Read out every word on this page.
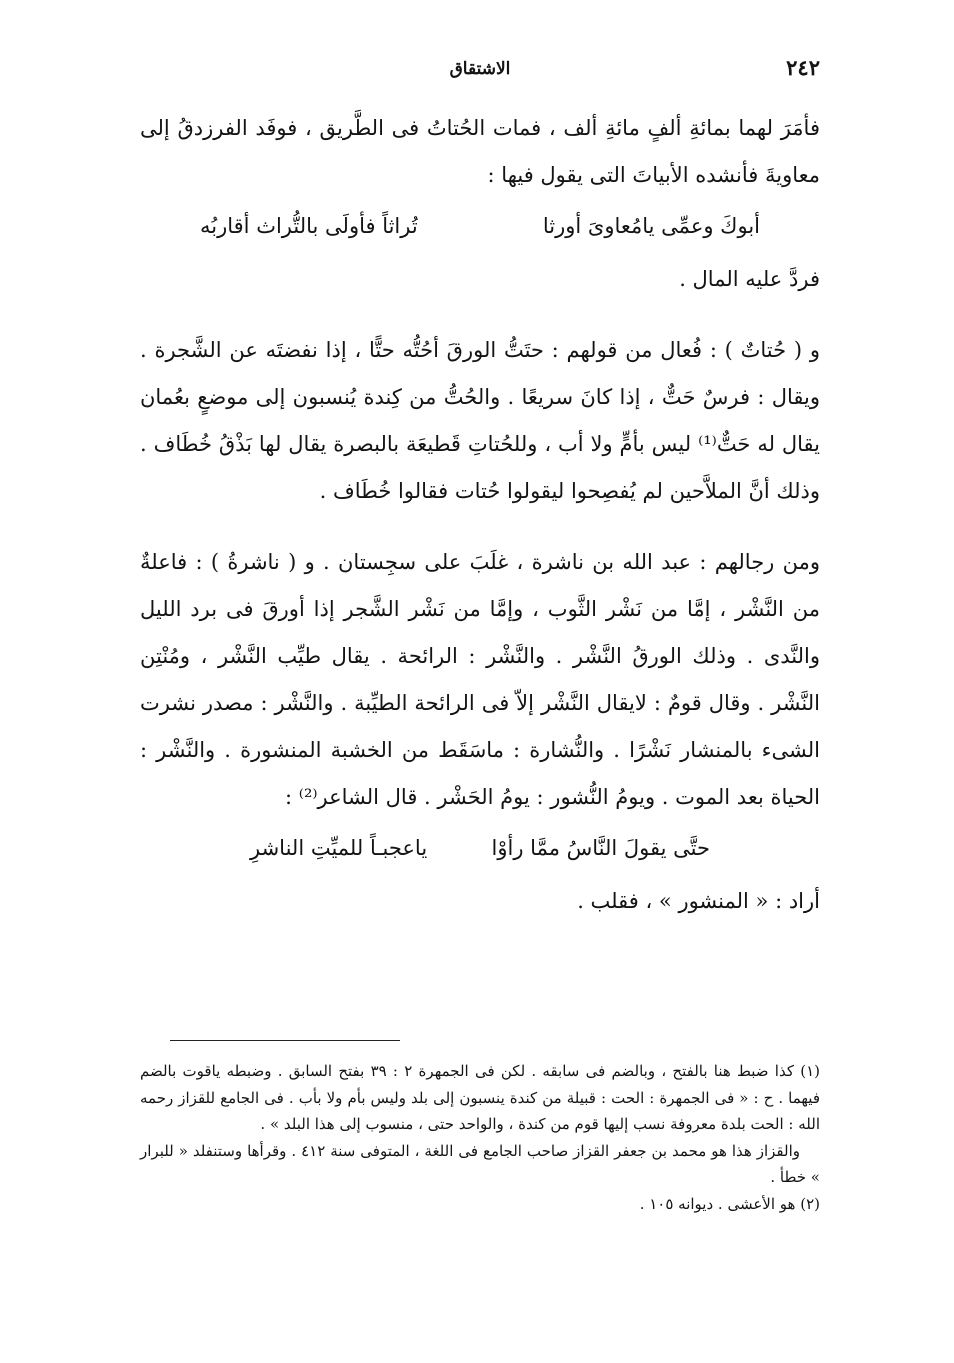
٢٤٢
الاشتقاق

فأمَرَ لهما بمائةِ ألفٍ مائةِ ألف ، فمات الحُتاتُ فى الطَّريق ، فوفَد الفرزدقُ إلى معاويةَ فأنشده الأبياتَ التى يقول فيها :

أبوكَ وعمِّى يامُعاوىَ أورثا
تُراثاً فأولَى بالتُّراث أقاربُه

فردَّ عليه المال .

و ( حُتاتٌ ) : فُعال من قولهم : حتَتُّ الورقَ أحُتُّه حتًّا ، إذا نفضتَه عن الشَّجرة . ويقال : فرسٌ حَتٌّ ، إذا كانَ سريعًا . والحُتُّ من كِندة يُنسبون إلى موضعٍ بعُمان يقال له حَتٌّ⁽¹⁾ ليس بأمٍّ ولا أب ، وللحُتاتِ قَطيعَة بالبصرة يقال لها بَذْقُ خُطَاف . وذلك أنَّ الملاَّحين لم يُفصِحوا ليقولوا حُتات فقالوا خُطَاف .

ومن رجالهم : عبد الله بن ناشرة ، غلَبَ على سجِستان . و ( ناشرةُ ) : فاعلةٌ من النَّشْر ، إمَّا من نَشْر الثَّوب ، وإمَّا من نَشْر الشَّجر إذا أورقَ فى برد الليل والنَّدى . وذلك الورقُ النَّشْر . والنَّشْر : الرائحة . يقال طيِّب النَّشْر ، ومُنْتِن النَّشْر . وقال قومٌ : لايقال النَّشْر إلاّ فى الرائحة الطيِّبة . والنَّشْر : مصدر نشرت الشىء بالمنشار نَشْرًا . والنُّشارة : ماسَقَط من الخشبة المنشورة . والنَّشْر : الحياة بعد الموت . ويومُ النُّشور : يومُ الحَشْر . قال الشاعر⁽²⁾ :

حتَّى يقولَ النَّاسُ ممَّا رأوْا
ياعجبـاً للميِّتِ الناشرِ

أراد : « المنشور » ، فقلب .

(١) كذا ضبط هنا بالفتح ، وبالضم فى سابقه . لكن فى الجمهرة ٢ : ٣٩ بفتح السابق . وضبطه ياقوت بالضم فيهما . ح : « فى الجمهرة : الحت : قبيلة من كندة ينسبون إلى بلد وليس بأم ولا بأب . فى الجامع للقزاز رحمه الله : الحت بلدة معروفة نسب إليها قوم من كندة ، والواحد حتى ، منسوب إلى هذا البلد » .

والقزاز هذا هو محمد بن جعفر القزاز صاحب الجامع فى اللغة ، المتوفى سنة ٤١٢ . وقرأها وستنفلد « للبرار » خطأ .

(٢) هو الأعشى . ديوانه ١٠٥ .
